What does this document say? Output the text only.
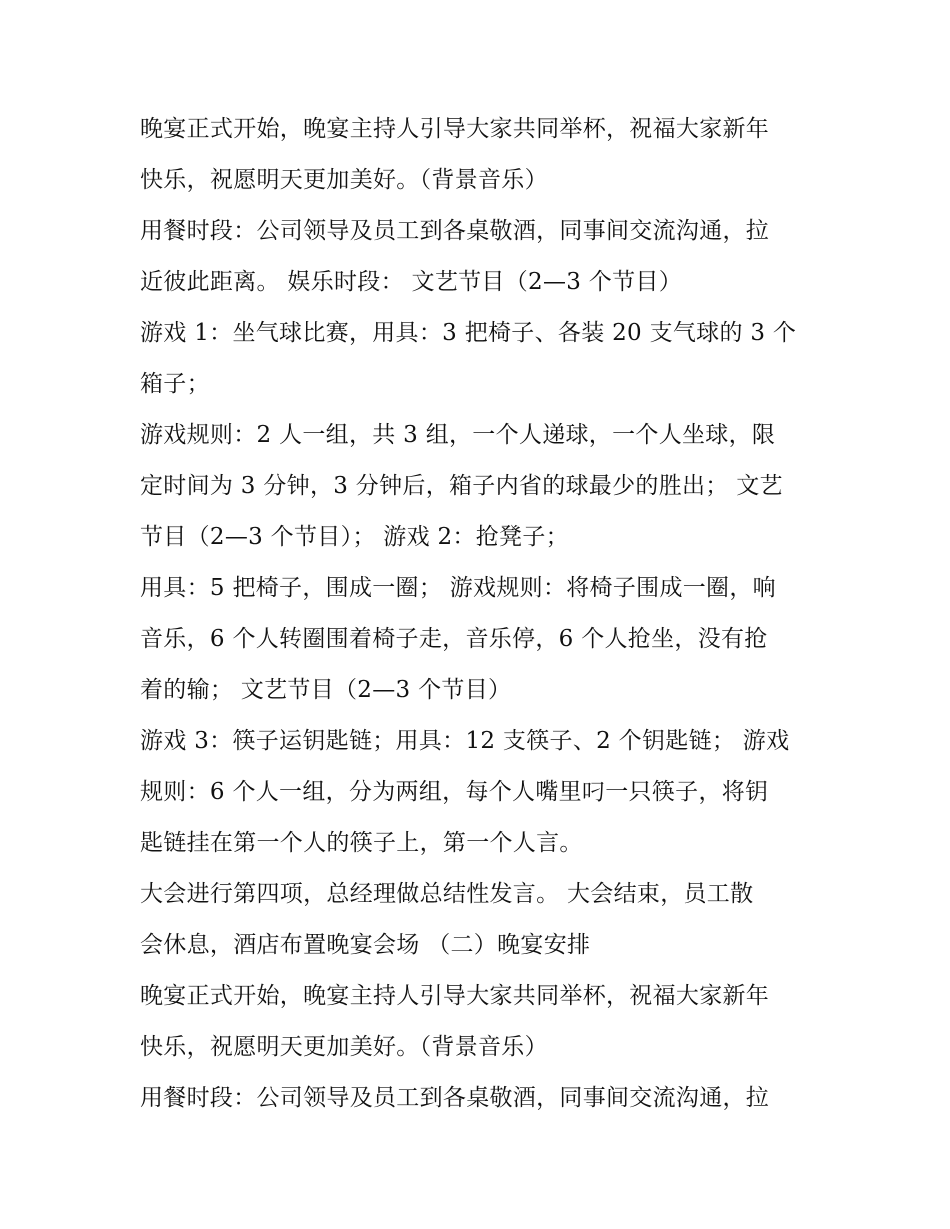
晚宴正式开始，晚宴主持人引导大家共同举杯，祝福大家新年
快乐，祝愿明天更加美好。（背景音乐）
用餐时段：公司领导及员工到各桌敬酒，同事间交流沟通，拉
近彼此距离。 娱乐时段： 文艺节目（2—3 个节目）
游戏 1：坐气球比赛，用具：3 把椅子、各装 20 支气球的 3 个
箱子；
游戏规则：2 人一组，共 3 组，一个人递球，一个人坐球，限
定时间为 3 分钟，3 分钟后，箱子内省的球最少的胜出； 文艺
节目（2—3 个节目）； 游戏 2：抢凳子；
用具：5 把椅子，围成一圈； 游戏规则：将椅子围成一圈，响
音乐，6 个人转圈围着椅子走，音乐停，6 个人抢坐，没有抢
着的输； 文艺节目（2—3 个节目）
游戏 3：筷子运钥匙链；用具：12 支筷子、2 个钥匙链； 游戏
规则：6 个人一组，分为两组，每个人嘴里叼一只筷子，将钥
匙链挂在第一个人的筷子上，第一个人言。
大会进行第四项，总经理做总结性发言。 大会结束，员工散
会休息，酒店布置晚宴会场 （二）晚宴安排
晚宴正式开始，晚宴主持人引导大家共同举杯，祝福大家新年
快乐，祝愿明天更加美好。（背景音乐）
用餐时段：公司领导及员工到各桌敬酒，同事间交流沟通，拉
